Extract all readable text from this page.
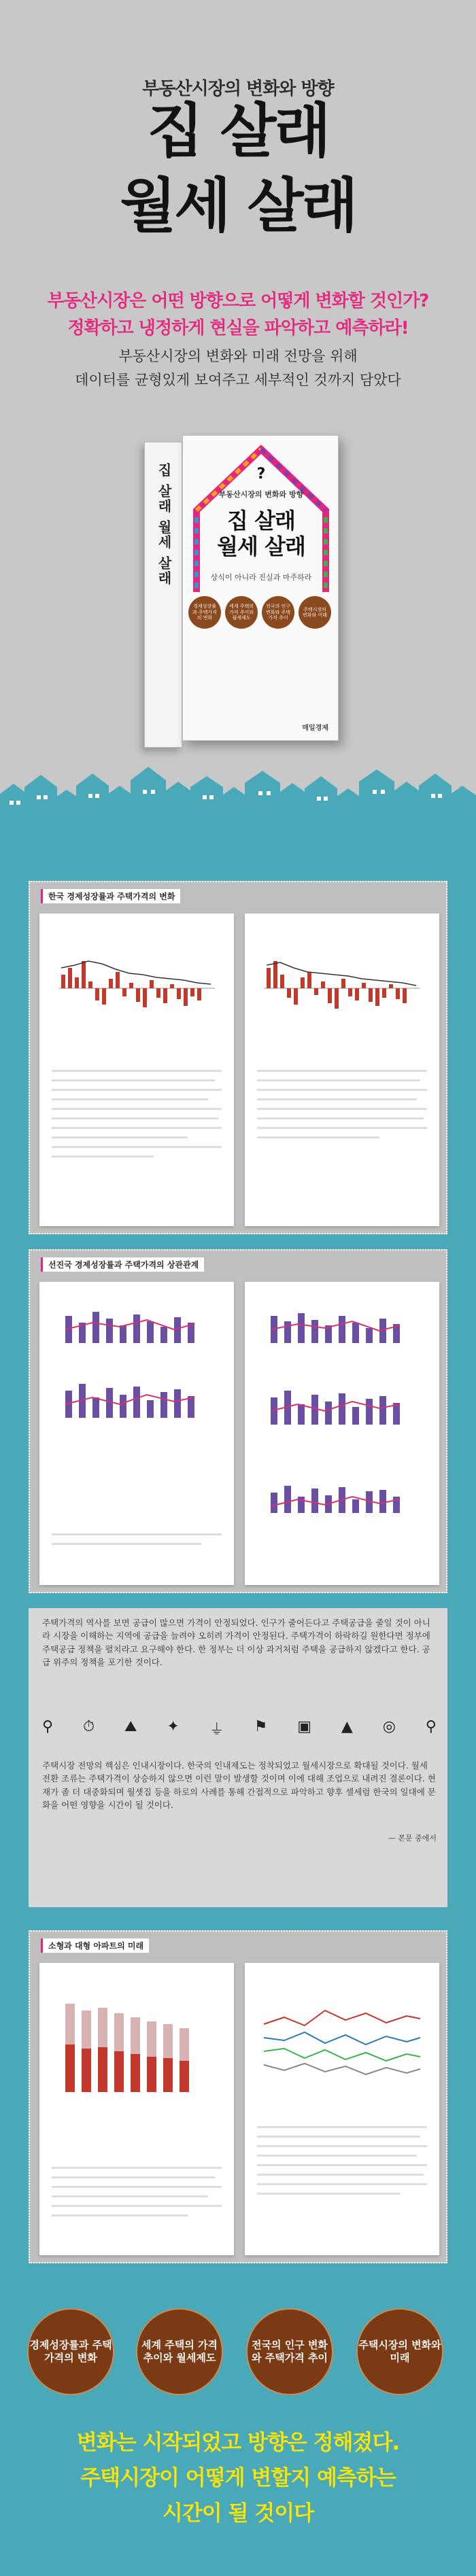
부동산시장의 변화와 방향
집 살래
월세 살래
부동산시장은 어떤 방향으로 어떻게 변화할 것인가?
정확하고 냉정하게 현실을 파악하고 예측하라!
부동산시장의 변화와 미래 전망을 위해
데이터를 균형있게 보여주고 세부적인 것까지 담았다
집 살래 월세 살래	?
부동산시장의 변화와 방향
집 살래
월세 살래
상식이 아니라 진실과 마주하라
경제성장률과 주택가격의 변화
세계 주택의 가격 추이와 월세제도
전국의 인구 변화와 주택가격 추이
주택시장의 변화와 미래
매일경제
한국 경제성장률과 주택가격의 변화
선진국 경제성장률과 주택가격의 상관관계
주택가격의 역사를 보면 공급이 많으면 가격이 안정되었다. 인구가 줄어든다고 주택공급을 줄일 것이 아니라 시장을 이해하는 지역에 공급을 늘려야 오히려 가격이 안정된다. 주택가격이 하락하길 원한다면 정부에 주택공급 정책을 펼치라고 요구해야 한다. 한 정부는 더 이상 과거처럼 주택을 공급하지 않겠다고 한다. 공급 위주의 정책을 포기한 것이다.
⚲ ⏱ ⛰ ✦ ⏚ ⚑ ▣ ▲ ◎ ⚲
주택시장 전망의 핵심은 인내시장이다. 한국의 인내제도는 정착되었고 월세시장으로 확대될 것이다. 월세 전환 조류는 주택가격이 상승하지 않으면 이런 말이 발생할 것이며 이에 대해 조업으로 내려진 결론이다. 현재가 좀 더 대중화되며 월셋집 등을 하로의 사례를 통해 간접적으로 파악하고 향후 셀세럼 한국의 일대에 문화을 어떤 영향을 시간이 될 것이다.
— 본문 중에서
소형과 대형 아파트의 미래
경제성장률과 주택가격의 변화
세계 주택의 가격 추이와 월세제도
전국의 인구 변화와 주택가격 추이
주택시장의 변화와 미래
변화는 시작되었고 방향은 정해졌다.
주택시장이 어떻게 변할지 예측하는
시간이 될 것이다
